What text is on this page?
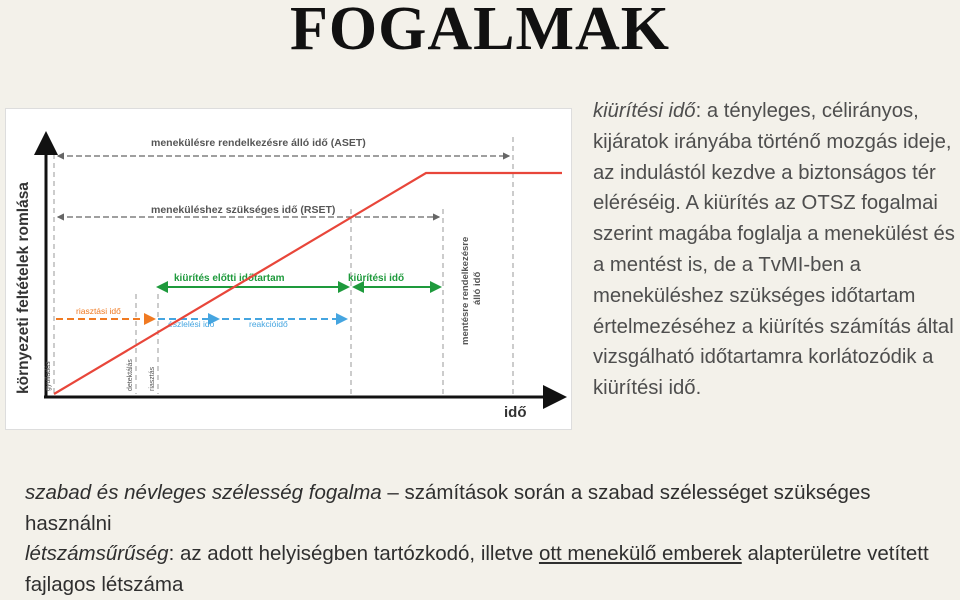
FOGALMAK
menekülésre rendelkezésre álló idő (ASET)
meneküléshez szükséges idő (RSET)
kiürítés előtti időtartam	kiürítési idő
riasztási idő
észlelési idő	reakcióidő
környezeti feltételek romlása
idő
gyulladás	detektálás riasztás
mentésre rendelkezésre álló idő
kiürítési idő: a tényleges, célirányos, kijáratok irányába történő mozgás ideje, az indulástól kezdve a biztonságos tér eléréséig. A kiürítés az OTSZ fogalmai szerint magába foglalja a menekülést és a mentést is, de a TvMI-ben a meneküléshez szükséges időtartam értelmezéséhez a kiürítés számítás által vizsgálható időtartamra korlátozódik a kiürítési idő.

szabad és névleges szélesség fogalma – számítások során a szabad szélességet szükséges használni

létszámsűrűség: az adott helyiségben tartózkodó, illetve ott menekülő emberek alapterületre vetített fajlagos létszáma
